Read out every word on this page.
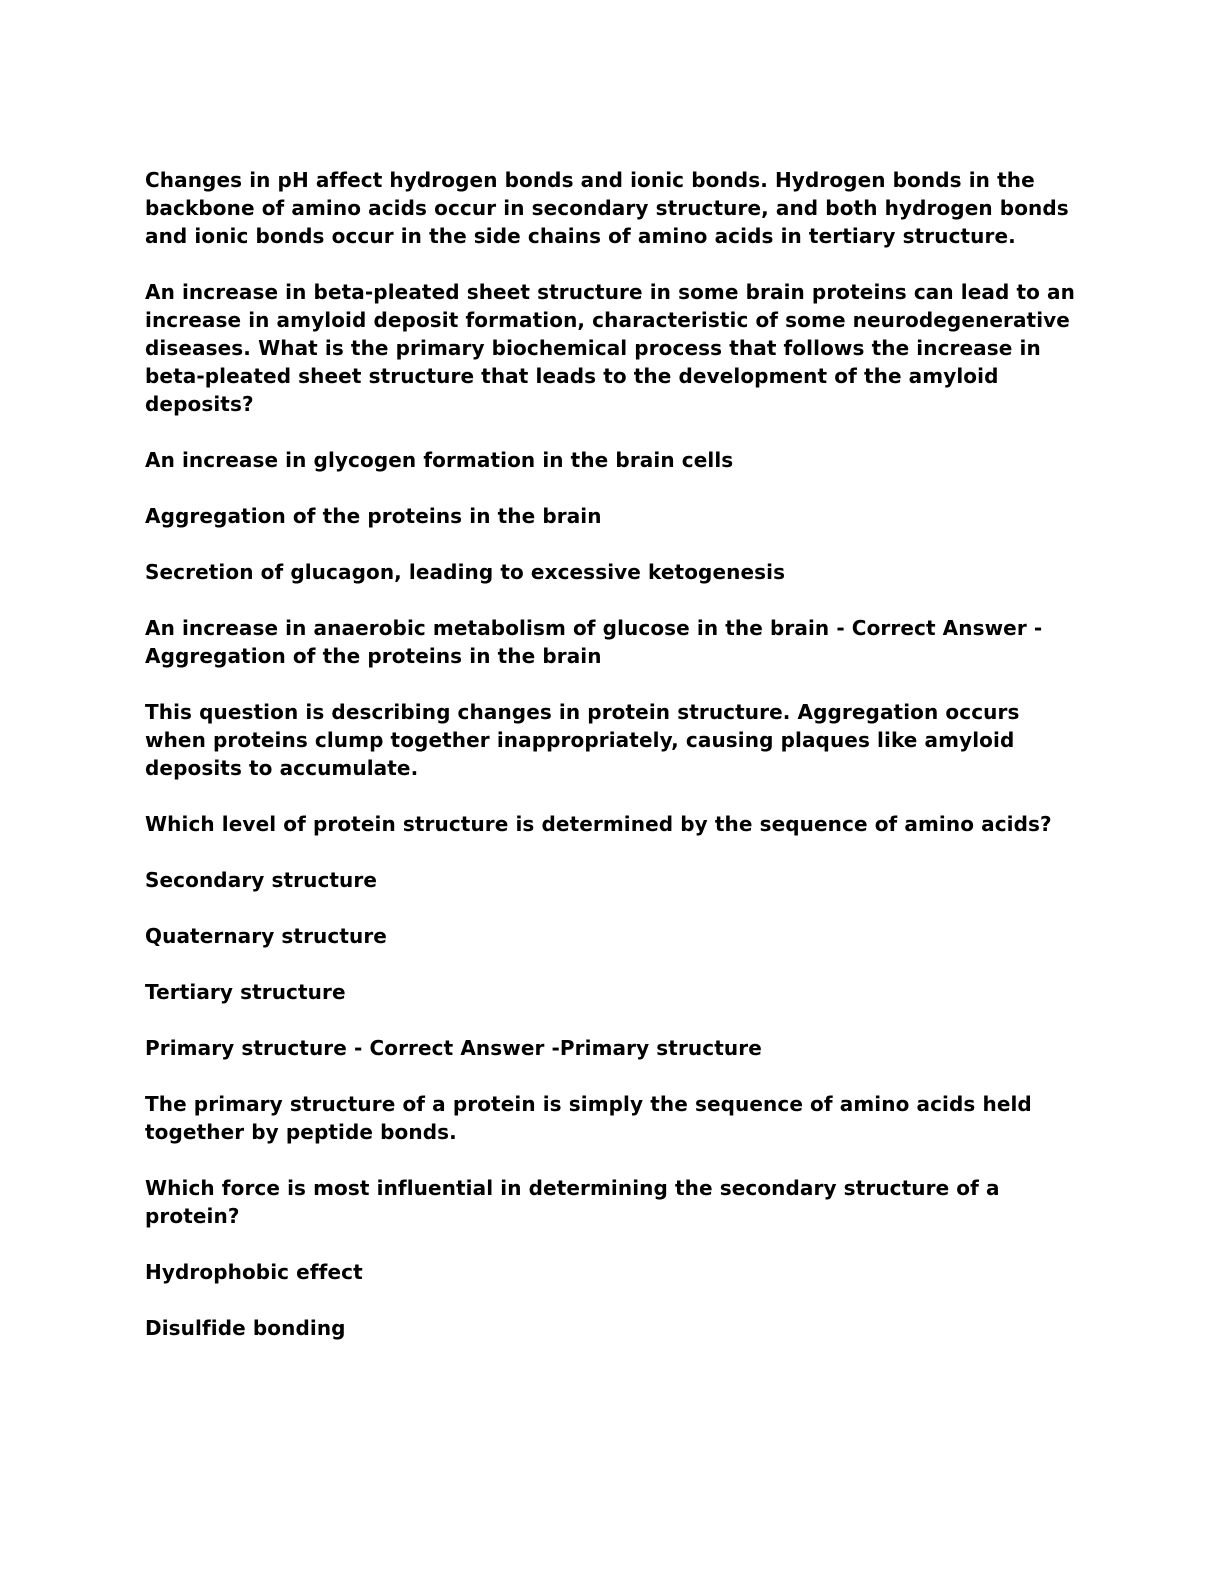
Changes in pH affect hydrogen bonds and ionic bonds. Hydrogen bonds in the backbone of amino acids occur in secondary structure, and both hydrogen bonds and ionic bonds occur in the side chains of amino acids in tertiary structure.

An increase in beta-pleated sheet structure in some brain proteins can lead to an increase in amyloid deposit formation, characteristic of some neurodegenerative diseases. What is the primary biochemical process that follows the increase in beta-pleated sheet structure that leads to the development of the amyloid deposits?

An increase in glycogen formation in the brain cells

Aggregation of the proteins in the brain

Secretion of glucagon, leading to excessive ketogenesis

An increase in anaerobic metabolism of glucose in the brain - Correct Answer -Aggregation of the proteins in the brain

This question is describing changes in protein structure. Aggregation occurs when proteins clump together inappropriately, causing plaques like amyloid deposits to accumulate.

Which level of protein structure is determined by the sequence of amino acids?

Secondary structure

Quaternary structure

Tertiary structure

Primary structure - Correct Answer -Primary structure

The primary structure of a protein is simply the sequence of amino acids held together by peptide bonds.

Which force is most influential in determining the secondary structure of a protein?

Hydrophobic effect

Disulfide bonding
